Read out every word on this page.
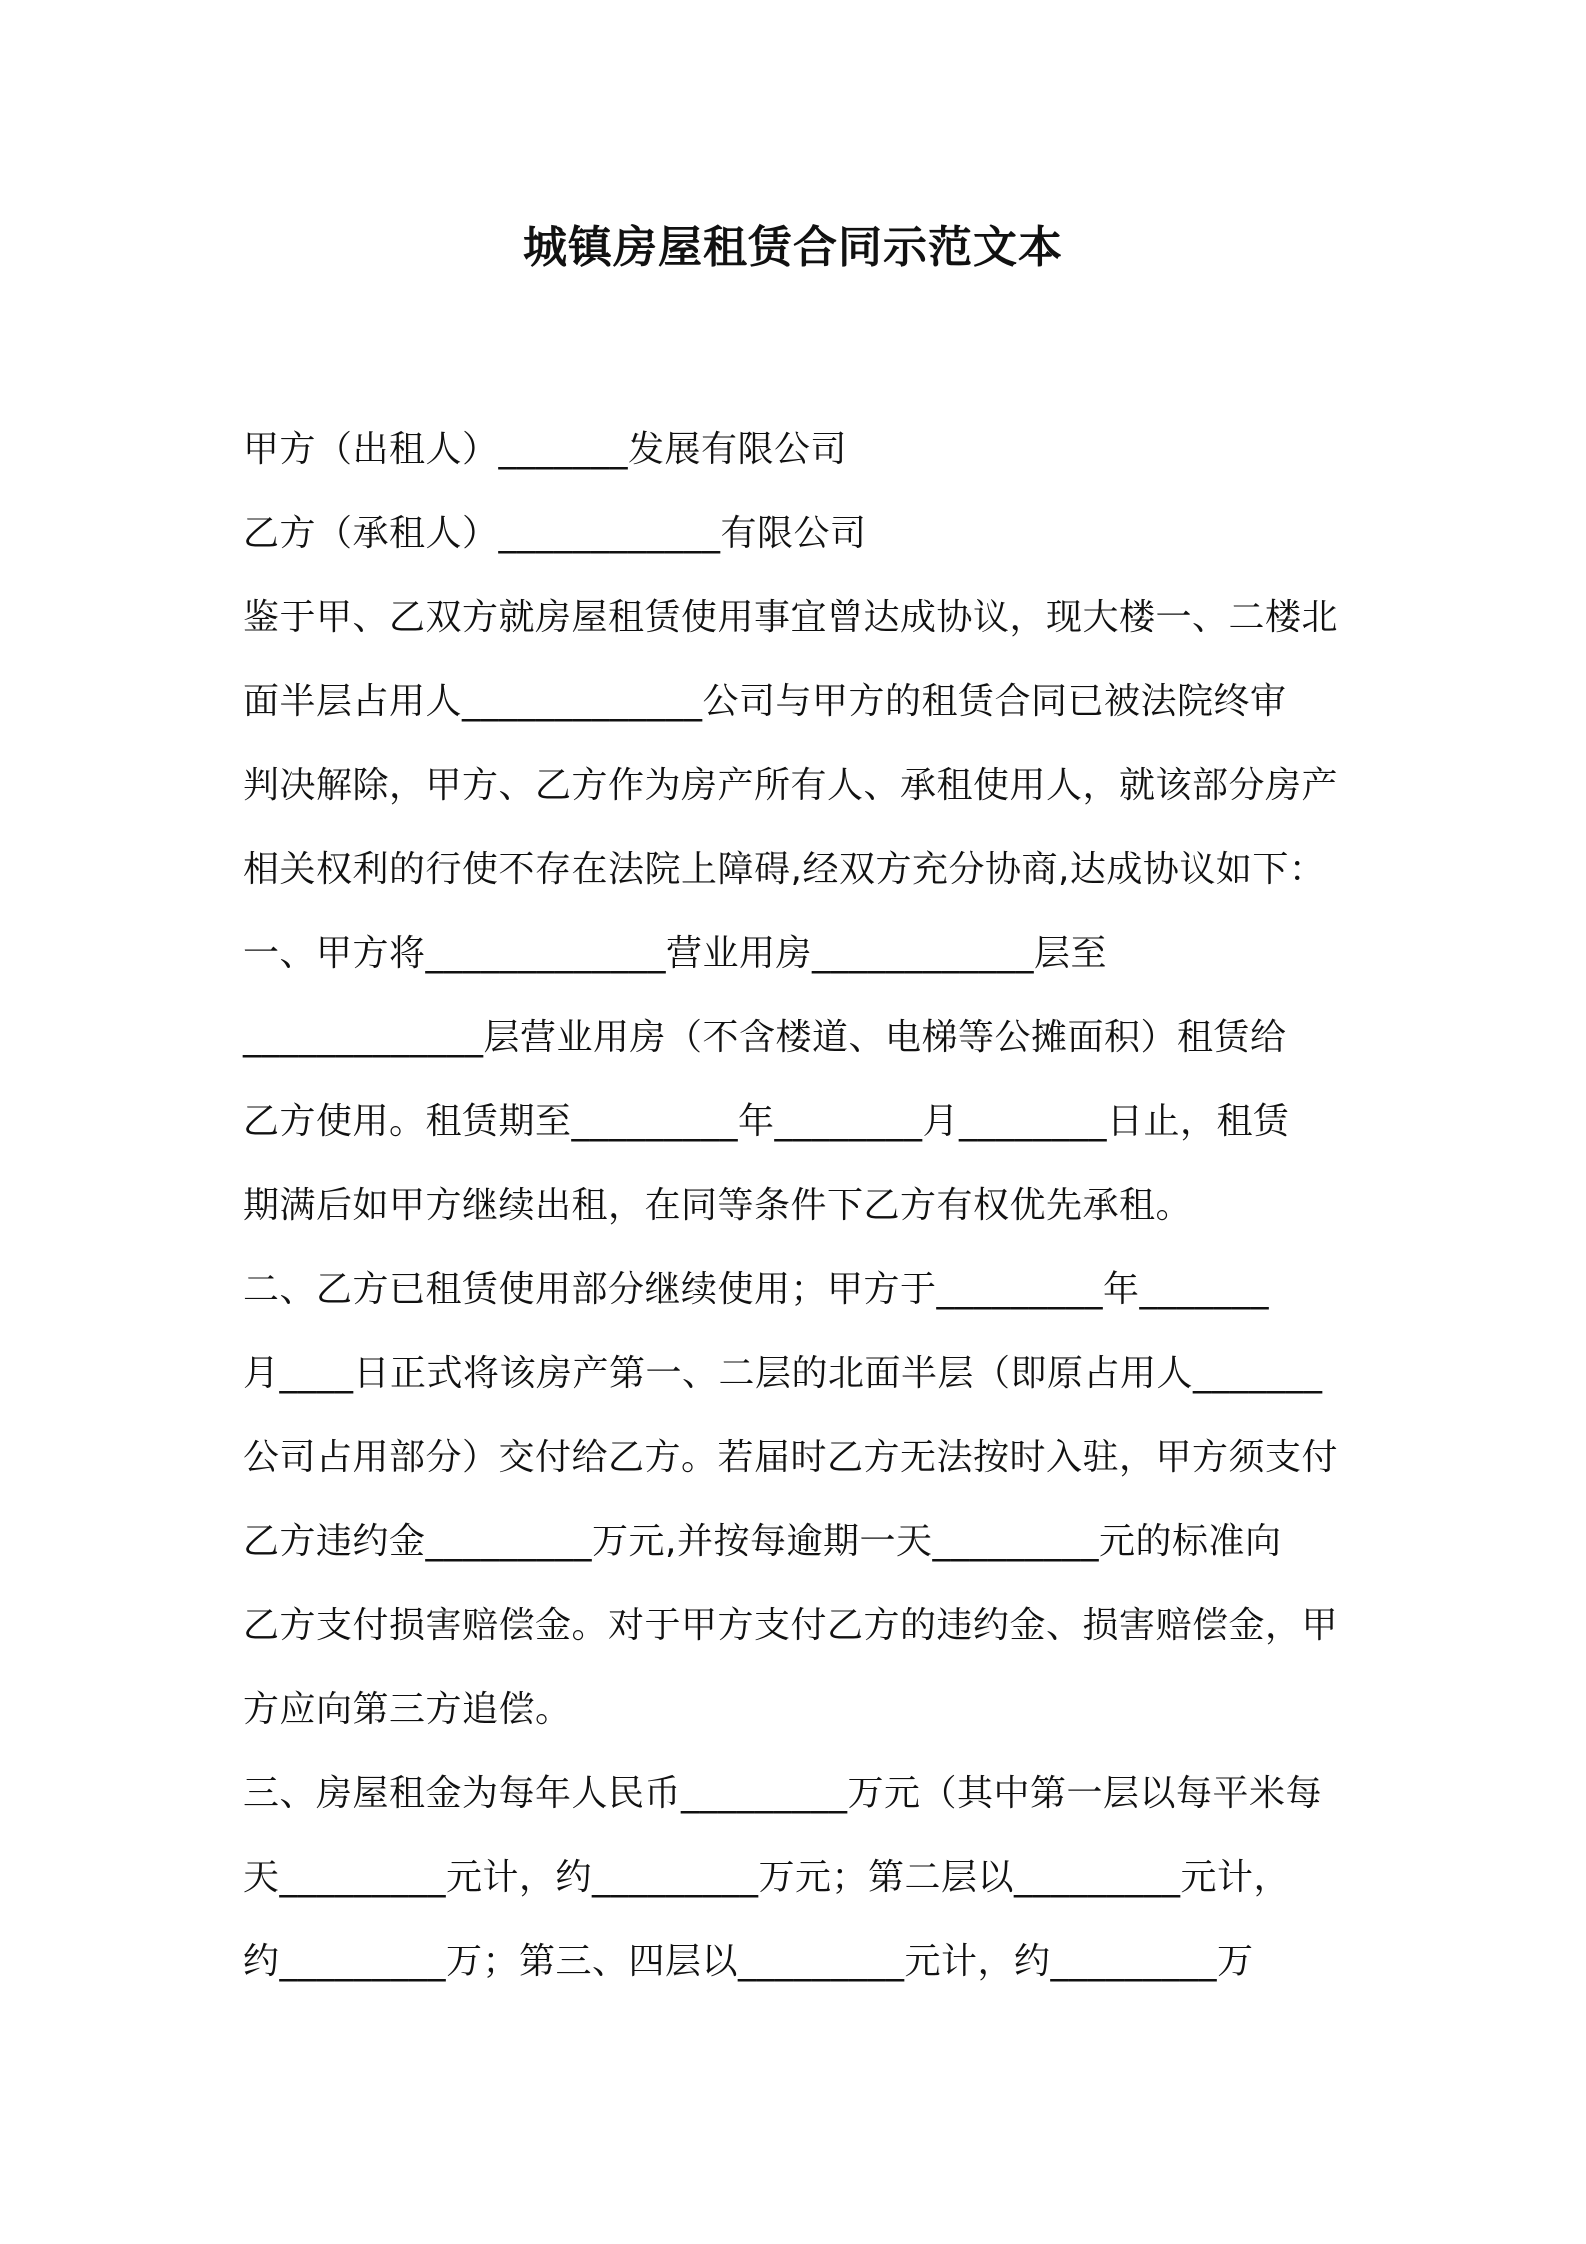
城镇房屋租赁合同示范文本
甲方（出租人）_______发展有限公司
乙方（承租人）____________有限公司
鉴于甲、乙双方就房屋租赁使用事宜曾达成协议，现大楼一、二楼北
面半层占用人_____________公司与甲方的租赁合同已被法院终审
判决解除，甲方、乙方作为房产所有人、承租使用人，就该部分房产
相关权利的行使不存在法院上障碍,经双方充分协商,达成协议如下：
一、甲方将_____________营业用房____________层至
_____________层营业用房（不含楼道、电梯等公摊面积）租赁给
乙方使用。租赁期至_________年________月________日止，租赁
期满后如甲方继续出租，在同等条件下乙方有权优先承租。
二、乙方已租赁使用部分继续使用；甲方于_________年_______
月____日正式将该房产第一、二层的北面半层（即原占用人_______
公司占用部分）交付给乙方。若届时乙方无法按时入驻，甲方须支付
乙方违约金_________万元,并按每逾期一天_________元的标准向
乙方支付损害赔偿金。对于甲方支付乙方的违约金、损害赔偿金，甲
方应向第三方追偿。
三、房屋租金为每年人民币_________万元（其中第一层以每平米每
天_________元计，约_________万元；第二层以_________元计，
约_________万；第三、四层以_________元计，约_________万
